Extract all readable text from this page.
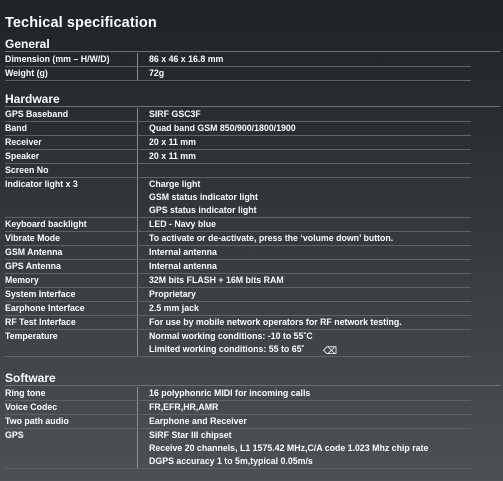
Techical specification
General
Dimension (mm – H/W/D)	86 x 46 x 16.8 mm

Weight (g)	72g
Hardware
GPS Baseband	SIRF GSC3F

Band	Quad band GSM 850/900/1800/1900

Receiver	20 x 11 mm

Speaker	20 x 11 mm

Screen No	

Indicator light x 3	Charge light
GSM status indicator light
GPS status indicator light

Keyboard backlight	LED - Navy blue

Vibrate Mode	To activate or de-activate, press the ‘volume down’ button.

GSM Antenna	Internal antenna

GPS Antenna	Internal antenna

Memory	32M bits FLASH + 16M bits RAM

System Interface	Proprietary

Earphone Interface	2.5 mm jack

RF Test Interface	For use by mobile network operators for RF network testing.

Temperature	Normal working conditions: -10 to 55˚C
Limited working conditions: 55 to 65˚
Software
Ring tone	16 polyphonric MIDI for incoming calls

Voice Codec	FR,EFR,HR,AMR

Two path audio	Earphone and Receiver

GPS	SiRF Star III chipset
Receive 20 channels, L1 1575.42 MHz,C/A code 1.023 Mhz chip rate
DGPS accuracy 1 to 5m,typical 0.05m/s
⌫
